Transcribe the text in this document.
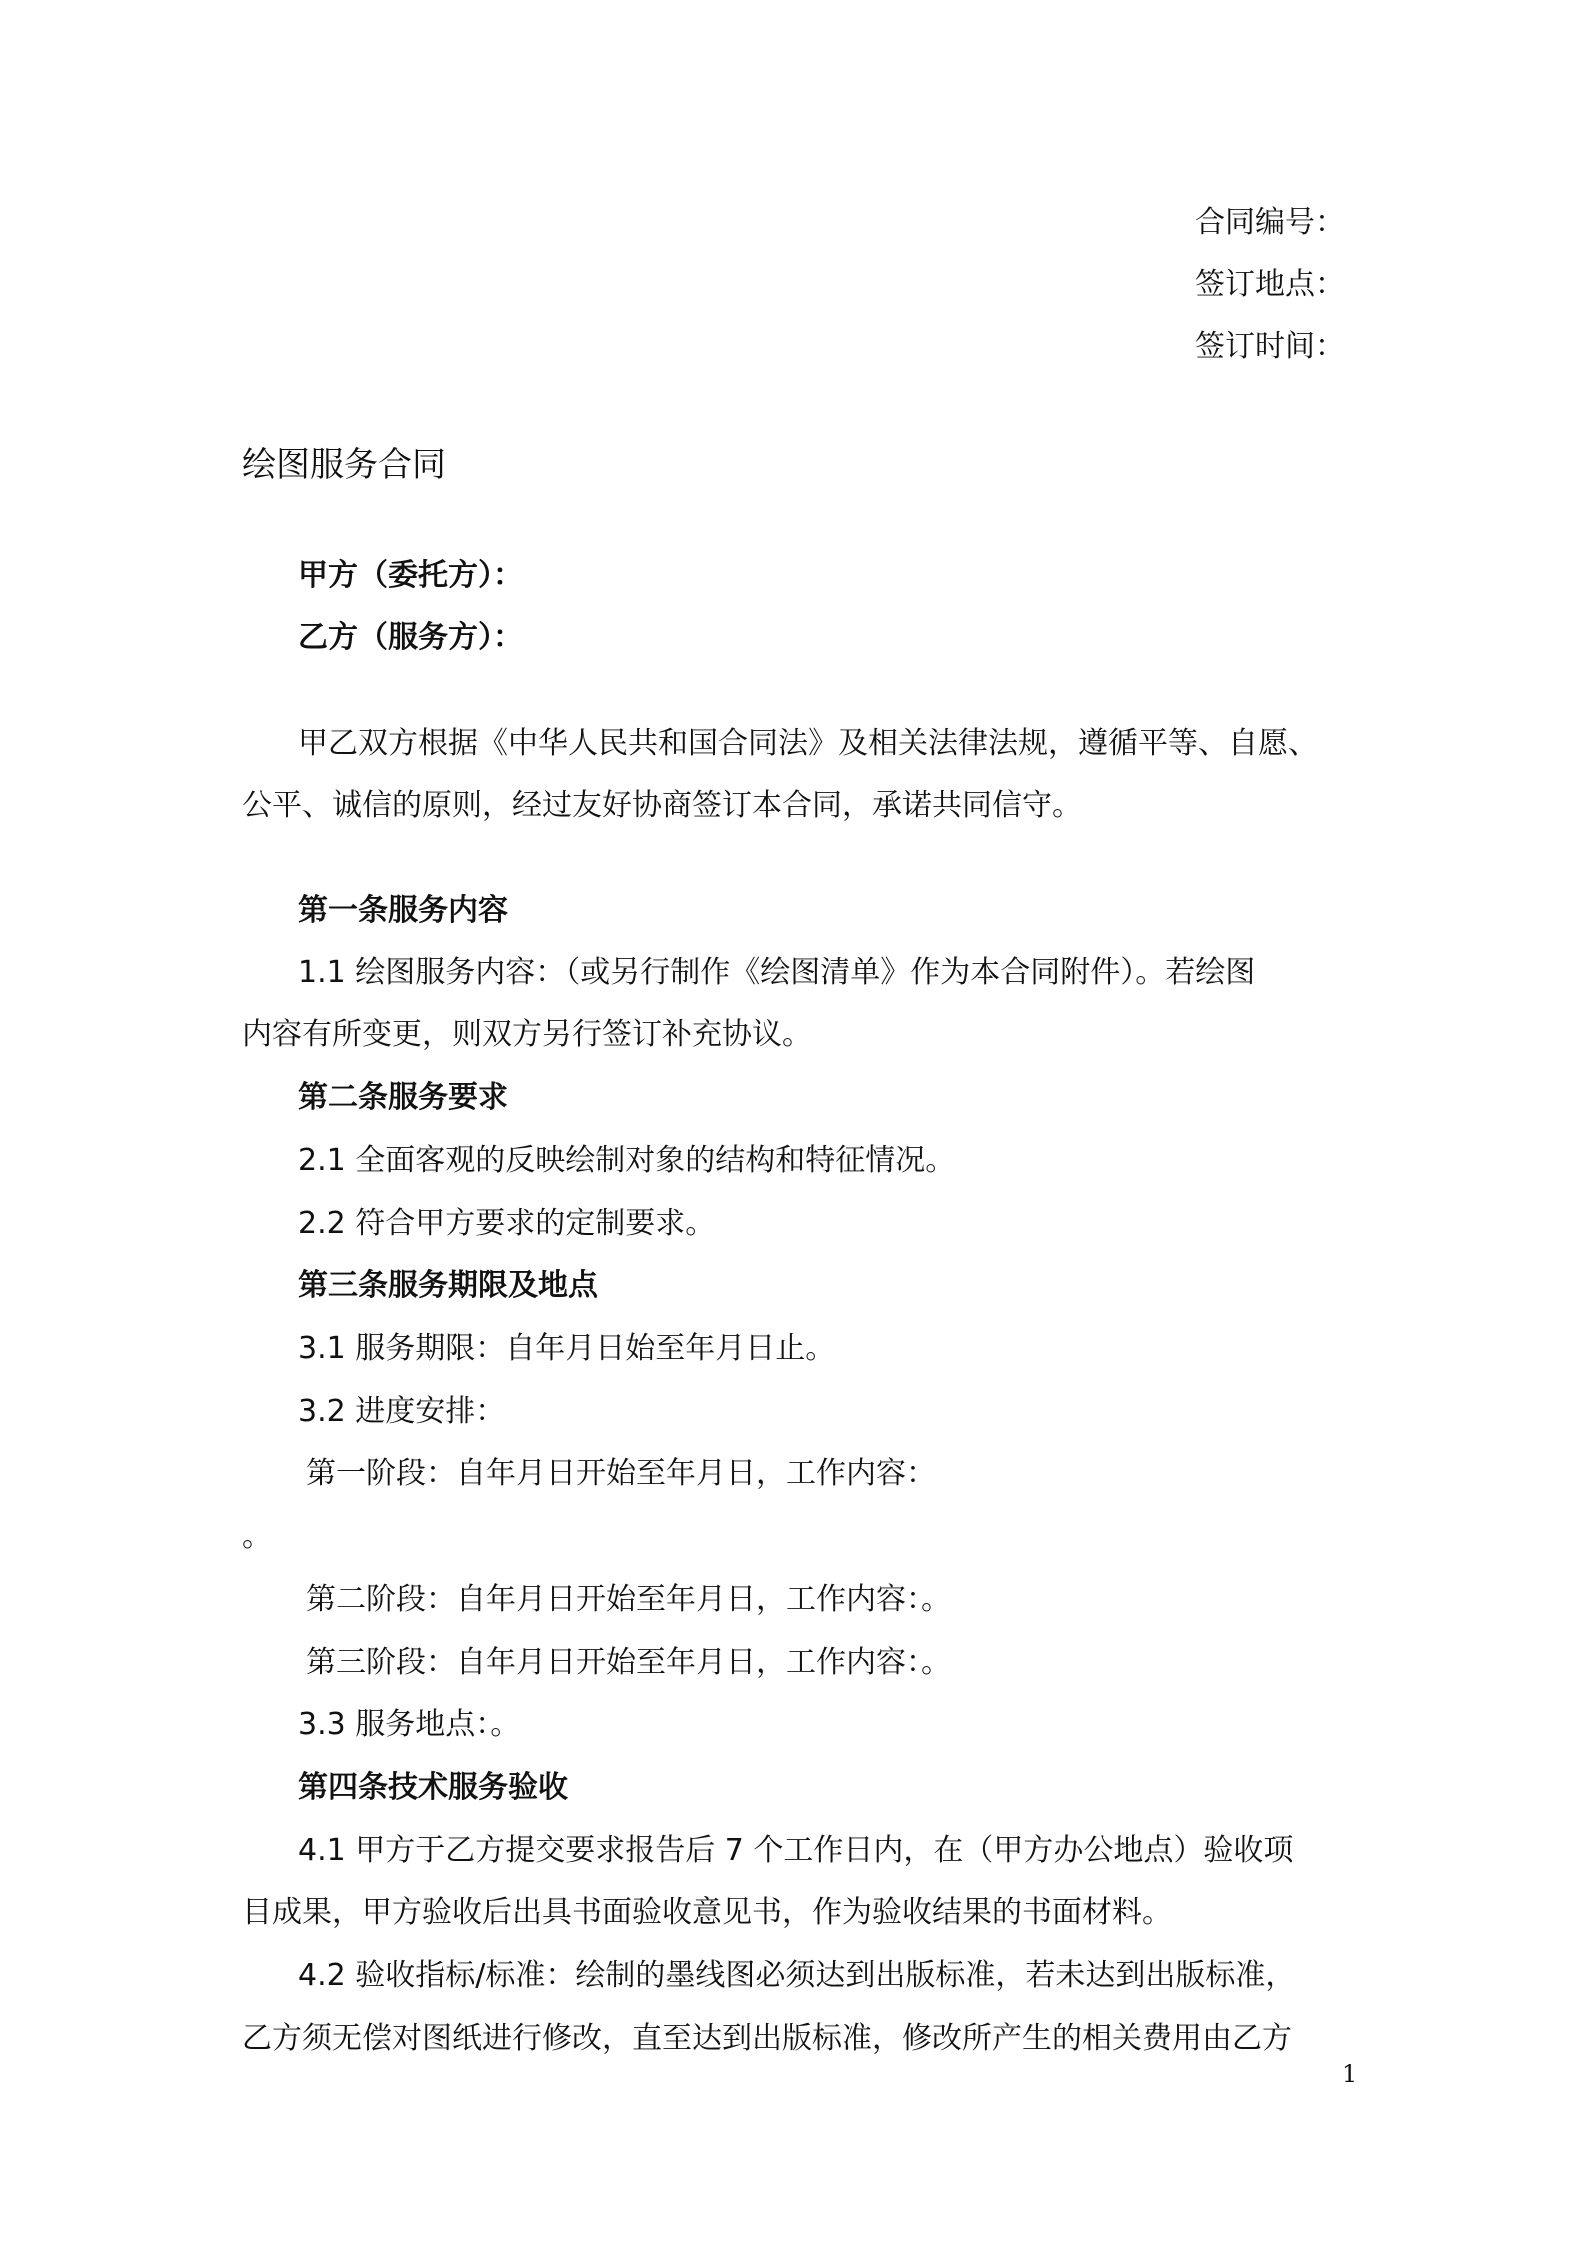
合同编号：
签订地点：
签订时间：
绘图服务合同
甲方（委托方）：
乙方（服务方）：
甲乙双方根据《中华人民共和国合同法》及相关法律法规，遵循平等、自愿、
公平、诚信的原则，经过友好协商签订本合同，承诺共同信守。
第一条服务内容
1.1 绘图服务内容：（或另行制作《绘图清单》作为本合同附件）。若绘图
内容有所变更，则双方另行签订补充协议。
第二条服务要求
2.1 全面客观的反映绘制对象的结构和特征情况。
2.2 符合甲方要求的定制要求。
第三条服务期限及地点
3.1 服务期限：自年月日始至年月日止。
3.2 进度安排：
第一阶段：自年月日开始至年月日，工作内容：
。
第二阶段：自年月日开始至年月日，工作内容：。
第三阶段：自年月日开始至年月日，工作内容：。
3.3 服务地点：。
第四条技术服务验收
4.1 甲方于乙方提交要求报告后 7 个工作日内，在（甲方办公地点）验收项
目成果，甲方验收后出具书面验收意见书，作为验收结果的书面材料。
4.2 验收指标/标准：绘制的墨线图必须达到出版标准，若未达到出版标准，
乙方须无偿对图纸进行修改，直至达到出版标准，修改所产生的相关费用由乙方
1
